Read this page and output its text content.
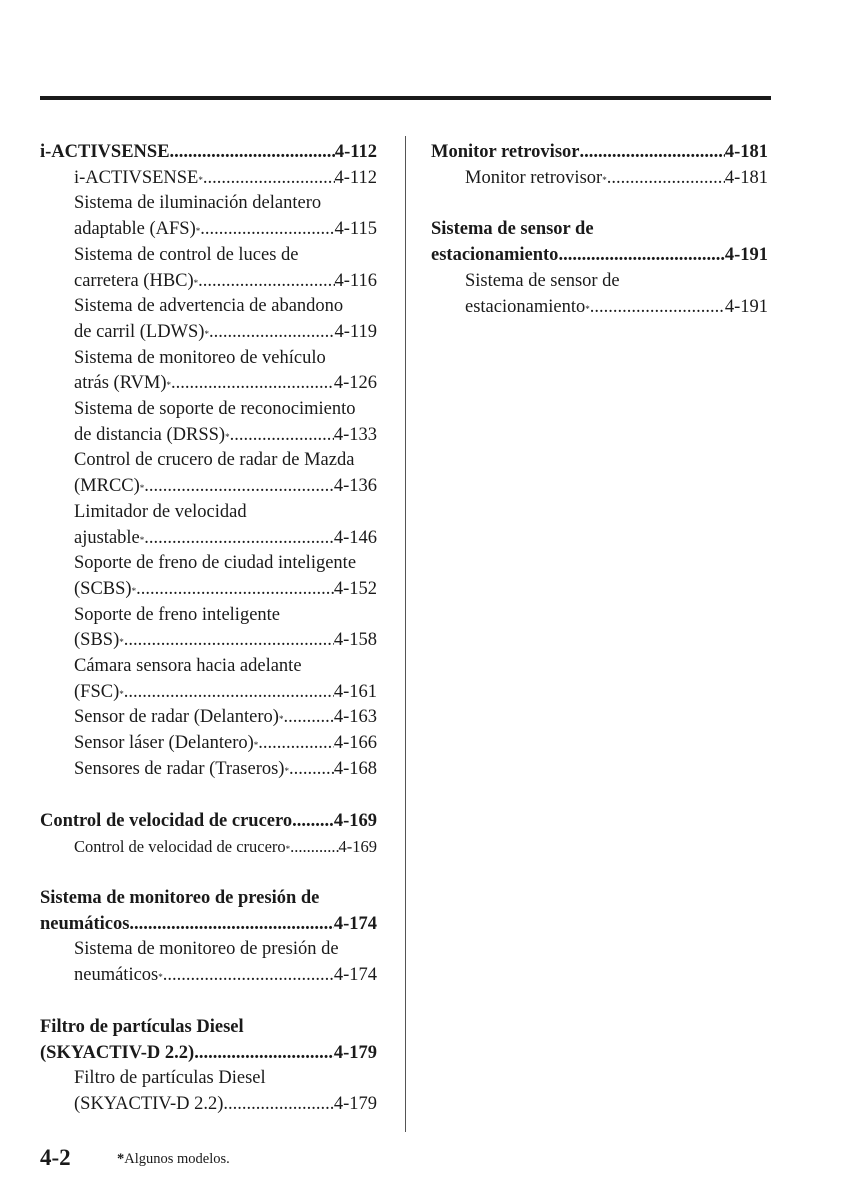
i-ACTIVSENSE .....	4-112
i-ACTIVSENSE * .....	4-112
Sistema de iluminación delantero
adaptable (AFS) * .....	4-115
Sistema de control de luces de
carretera (HBC) * .....	4-116
Sistema de advertencia de abandono
de carril (LDWS) * .....	4-119
Sistema de monitoreo de vehículo
atrás (RVM) * .....	4-126
Sistema de soporte de reconocimiento
de distancia (DRSS) * .....	4-133
Control de crucero de radar de Mazda
(MRCC) * .....	4-136
Limitador de velocidad
ajustable * .....	4-146
Soporte de freno de ciudad inteligente
(SCBS) * .....	4-152
Soporte de freno inteligente
(SBS) * .....	4-158
Cámara sensora hacia adelante
(FSC) * .....	4-161
Sensor de radar (Delantero) * .....	4-163
Sensor láser (Delantero) * .....	4-166
Sensores de radar (Traseros) * ..... 4-168
Control de velocidad de crucero ..... 4-169
Control de velocidad de crucero * .....	4-169
Sistema de monitoreo de presión de
neumáticos .....	4-174
Sistema de monitoreo de presión de
neumáticos * .....	4-174
Filtro de partículas Diesel
(SKYACTIV-D 2.2) .....	4-179
Filtro de partículas Diesel
(SKYACTIV-D 2.2) .....	4-179
Monitor retrovisor .....	4-181
Monitor retrovisor * .....	4-181
Sistema de sensor de
estacionamiento .....	4-191
Sistema de sensor de
estacionamiento * .....	4-191
4-2	*Algunos modelos.
